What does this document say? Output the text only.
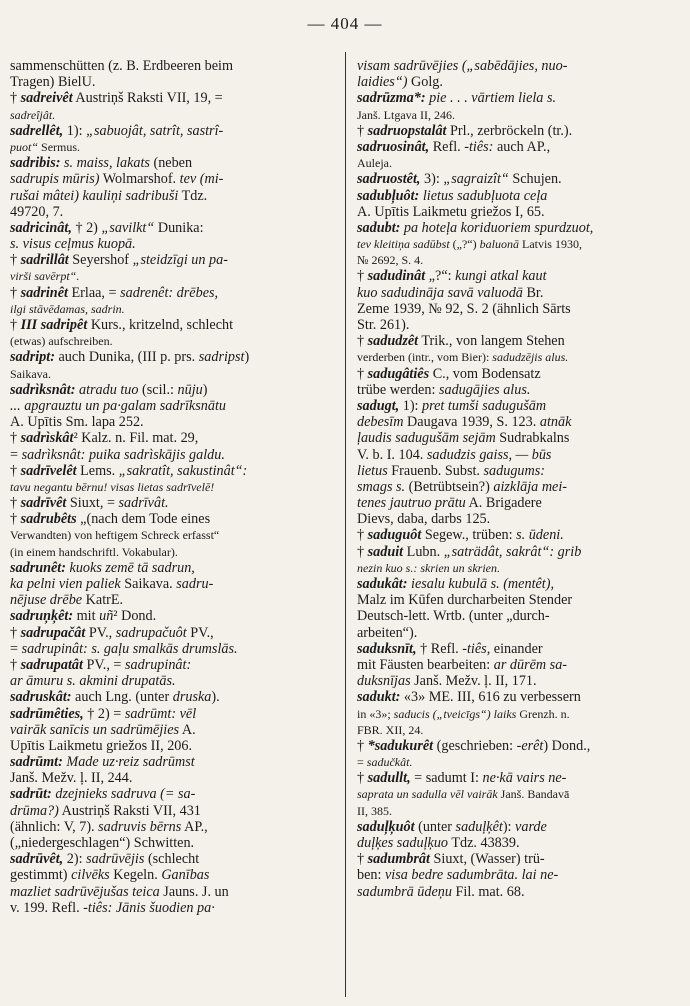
— 404 —
sammenschütten (z. B. Erdbeeren beim
Tragen) BielU.
† sadreivêt Austriņš Raksti VII, 19, =
sadreîjât.
sadrellêt, 1): „sabuojât, satrît, sastrî-
puot“ Sermus.
sadribis: s. maiss, lakats (neben
sadrupis mūris) Wolmarshof. tev (mi-
rušai mâtei) kauliņi sadribuši Tdz.
49720, 7.
sadricinât, † 2) „savilkt“ Dunika:
s. visus ceļmus kuopā.
† sadrillât Seyershof „steidzīgi un pa-
virši savērpt“.
† sadrinêt Erlaa, = sadrenêt: drēbes,
ilgi stāvēdamas, sadrin.
† III sadripêt Kurs., kritzelnd, schlecht
(etwas) aufschreiben.
sadript: auch Dunika, (III p. prs. sadripst)
Saikava.
sadrìksnât: atradu tuo (scil.: nūju)
... apgrauztu un pa·galam sadrīksnātu
A. Upītis Sm. lapa 252.
† sadrìskât² Kalz. n. Fil. mat. 29,
= sadrìksnât: puika sadrìskājis galdu.
† sadrīvelêt Lems. „sakratît, sakustinât“:
tavu negantu bērnu! visas lietas sadrīvelē!
† sadrīvêt Siuxt, = sadrīvât.
† sadrubêts „(nach dem Tode eines
Verwandten) von heftigem Schreck erfasst“
(in einem handschriftl. Vokabular).
sadrunêt: kuoks zemē tā sadrun,
ka pelni vien paliek Saikava. sadru-
nējuse drēbe KatrE.
sadruņķêt: mit uñ² Dond.
† sadrupačât PV., sadrupačuôt PV.,
= sadrupinât: s. gaļu smalkās drumslās.
† sadrupatât PV., = sadrupinât:
ar āmuru s. akmini drupatās.
sadruskât: auch Lng. (unter druska).
sadrūmêties, † 2) = sadrūmt: vēl
vairāk sanīcis un sadrūmējies A.
Upītis Laikmetu griežos II, 206.
sadrūmt: Made uz·reiz sadrūmst
Janš. Mežv. ļ. II, 244.
sadrūt: dzejnieks sadruva (= sa-
drūma?) Austriņš Raksti VII, 431
(ähnlich: V, 7). sadruvis bērns AP.,
(„niedergeschlagen“) Schwitten.
sadrūvêt, 2): sadrūvējis (schlecht
gestimmt) cilvēks Kegeln. Ganības
mazliet sadrūvējušas teica Jauns. J. un
v. 199. Refl. -tiês: Jānis šuodien pa·
visam sadrūvējies („sabēdājies, nuo-
laidies“) Golg.
sadrūzma*: pie . . . vārtiem liela s.
Janš. Ltgava II, 246.
† sadruopstalât Prl., zerbröckeln (tr.).
sadruosinât, Refl. -tiês: auch AP.,
Auleja.
sadruostêt, 3): „sagraizît“ Schujen.
sadubļuôt: lietus sadubļuota ceļa
A. Upītis Laikmetu griežos I, 65.
sadubt: pa hoteļa koriduoriem spurdzuot,
tev kleitiņa sadūbst („?“) baluonā Latvis 1930,
№ 2692, S. 4.
† sadudinât „?“: kungi atkal kaut
kuo sadudināja savā valuodā Br.
Zeme 1939, № 92, S. 2 (ähnlich Sārts
Str. 261).
† sadudzêt Trik., von langem Stehen
verderben (intr., vom Bier): sadudzējis alus.
† sadugâtiês C., vom Bodensatz
trübe werden: sadugājies alus.
sadugt, 1): pret tumši sadugušām
debesīm Daugava 1939, S. 123. atnāk
ļaudis sadugušām sejām Sudrabkalns
V. b. I. 104. sadudzis gaiss, — būs
lietus Frauenb. Subst. sadugums:
smags s. (Betrübtsein?) aizklāja mei-
tenes jautruo prātu A. Brigadere
Dievs, daba, darbs 125.
† saduguôt Segew., trüben: s. ūdeni.
† saduit Lubn. „saträdât, sakrât“: grib
nezin kuo s.: skrien un skrien.
sadukât: iesalu kubulā s. (mentêt),
Malz im Kūfen durcharbeiten Stender
Deutsch-lett. Wrtb. (unter „durch-
arbeiten“).
saduksnīt, † Refl. -tiês, einander
mit Fäusten bearbeiten: ar dūrēm sa-
duksnījas Janš. Mežv. ļ. II, 171.
sadukt: «3» ME. III, 616 zu verbessern
in «3»; saducis („tveicīgs“) laiks Grenzh. n.
FBR. XII, 24.
† *sadukurêt (geschrieben: -erêt) Dond.,
= sadučkât.
† sadullt, = sadumt I: ne·kā vairs ne-
saprata un sadulla vēl vairāk Janš. Bandavā
II, 385.
saduļķuôt (unter saduļķêt): varde
duļķes saduļķuo Tdz. 43839.
† sadumbrât Siuxt, (Wasser) trü-
ben: visa bedre sadumbrāta. lai ne-
sadumbrā ūdeņu Fil. mat. 68.
